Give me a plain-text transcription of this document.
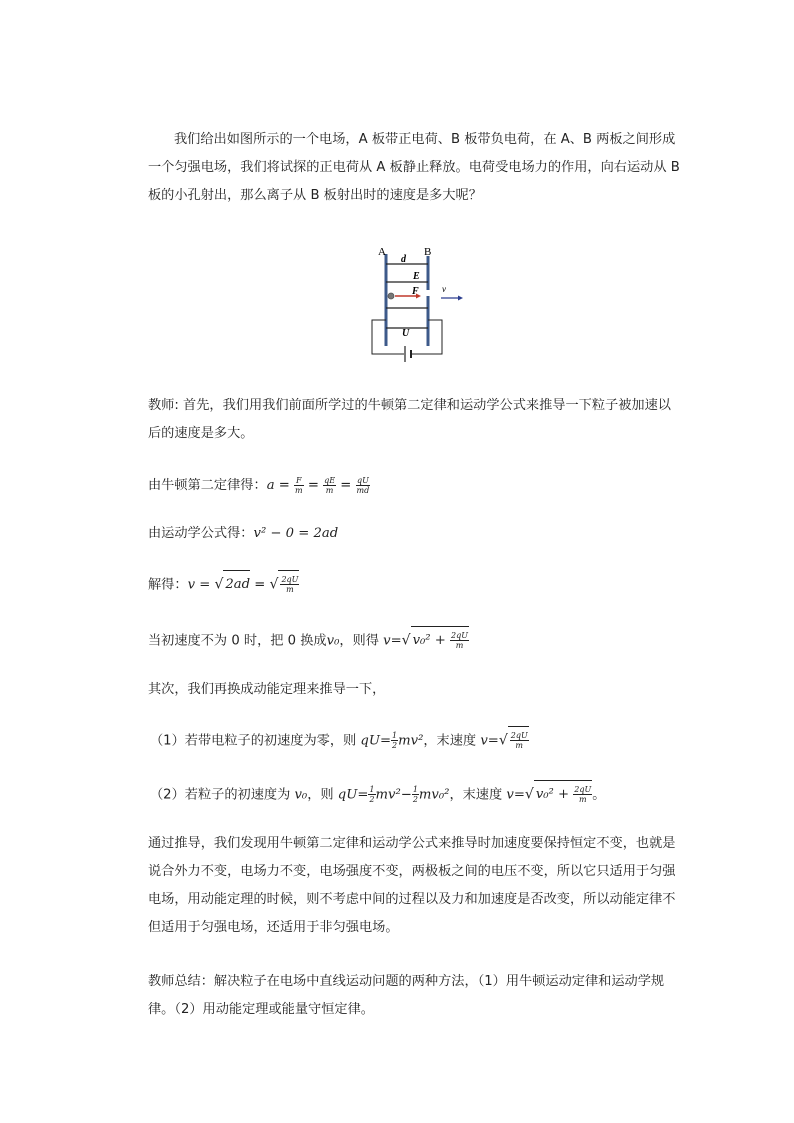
我们给出如图所示的一个电场，A 板带正电荷、B 板带负电荷，在 A、B 两板之间形成一个匀强电场，我们将试探的正电荷从 A 板静止释放。电荷受电场力的作用，向右运动从 B 板的小孔射出，那么离子从 B 板射出时的速度是多大呢？

A	B
d
E
F	v
U

教师: 首先，我们用我们前面所学过的牛顿第二定律和运动学公式来推导一下粒子被加速以后的速度是多大。

由牛顿第二定律得：$a = \frac{F}{m} = \frac{qE}{m} = \frac{qU}{md}$
由运动学公式得：v² − 0 = 2ad
解得：v = √ 2ad = √ $\frac{2qU}{m}$
当初速度不为 0 时，把 0 换成v₀，则得 v=√ $v_0^2 + \frac{2qU}{m}$

其次，我们再换成动能定理来推导一下，

（1）若带电粒子的初速度为零，则 $qU= \frac{1}{2} mv^2$，末速度 $v=√ \frac{2qU}{m}$
（2）若粒子的初速度为 v₀，则 $qU= \frac{1}{2} mv^2- \frac{1}{2} mv_0^2$，末速度 v=√ $v_0^2 + \frac{2qU}{m}$ 。

通过推导，我们发现用牛顿第二定律和运动学公式来推导时加速度要保持恒定不变，也就是说合外力不变，电场力不变，电场强度不变，两极板之间的电压不变，所以它只适用于匀强电场，用动能定理的时候，则不考虑中间的过程以及力和加速度是否改变，所以动能定律不但适用于匀强电场，还适用于非匀强电场。

教师总结：解决粒子在电场中直线运动问题的两种方法，（1）用牛顿运动定律和运动学规律。（2）用动能定理或能量守恒定律。
